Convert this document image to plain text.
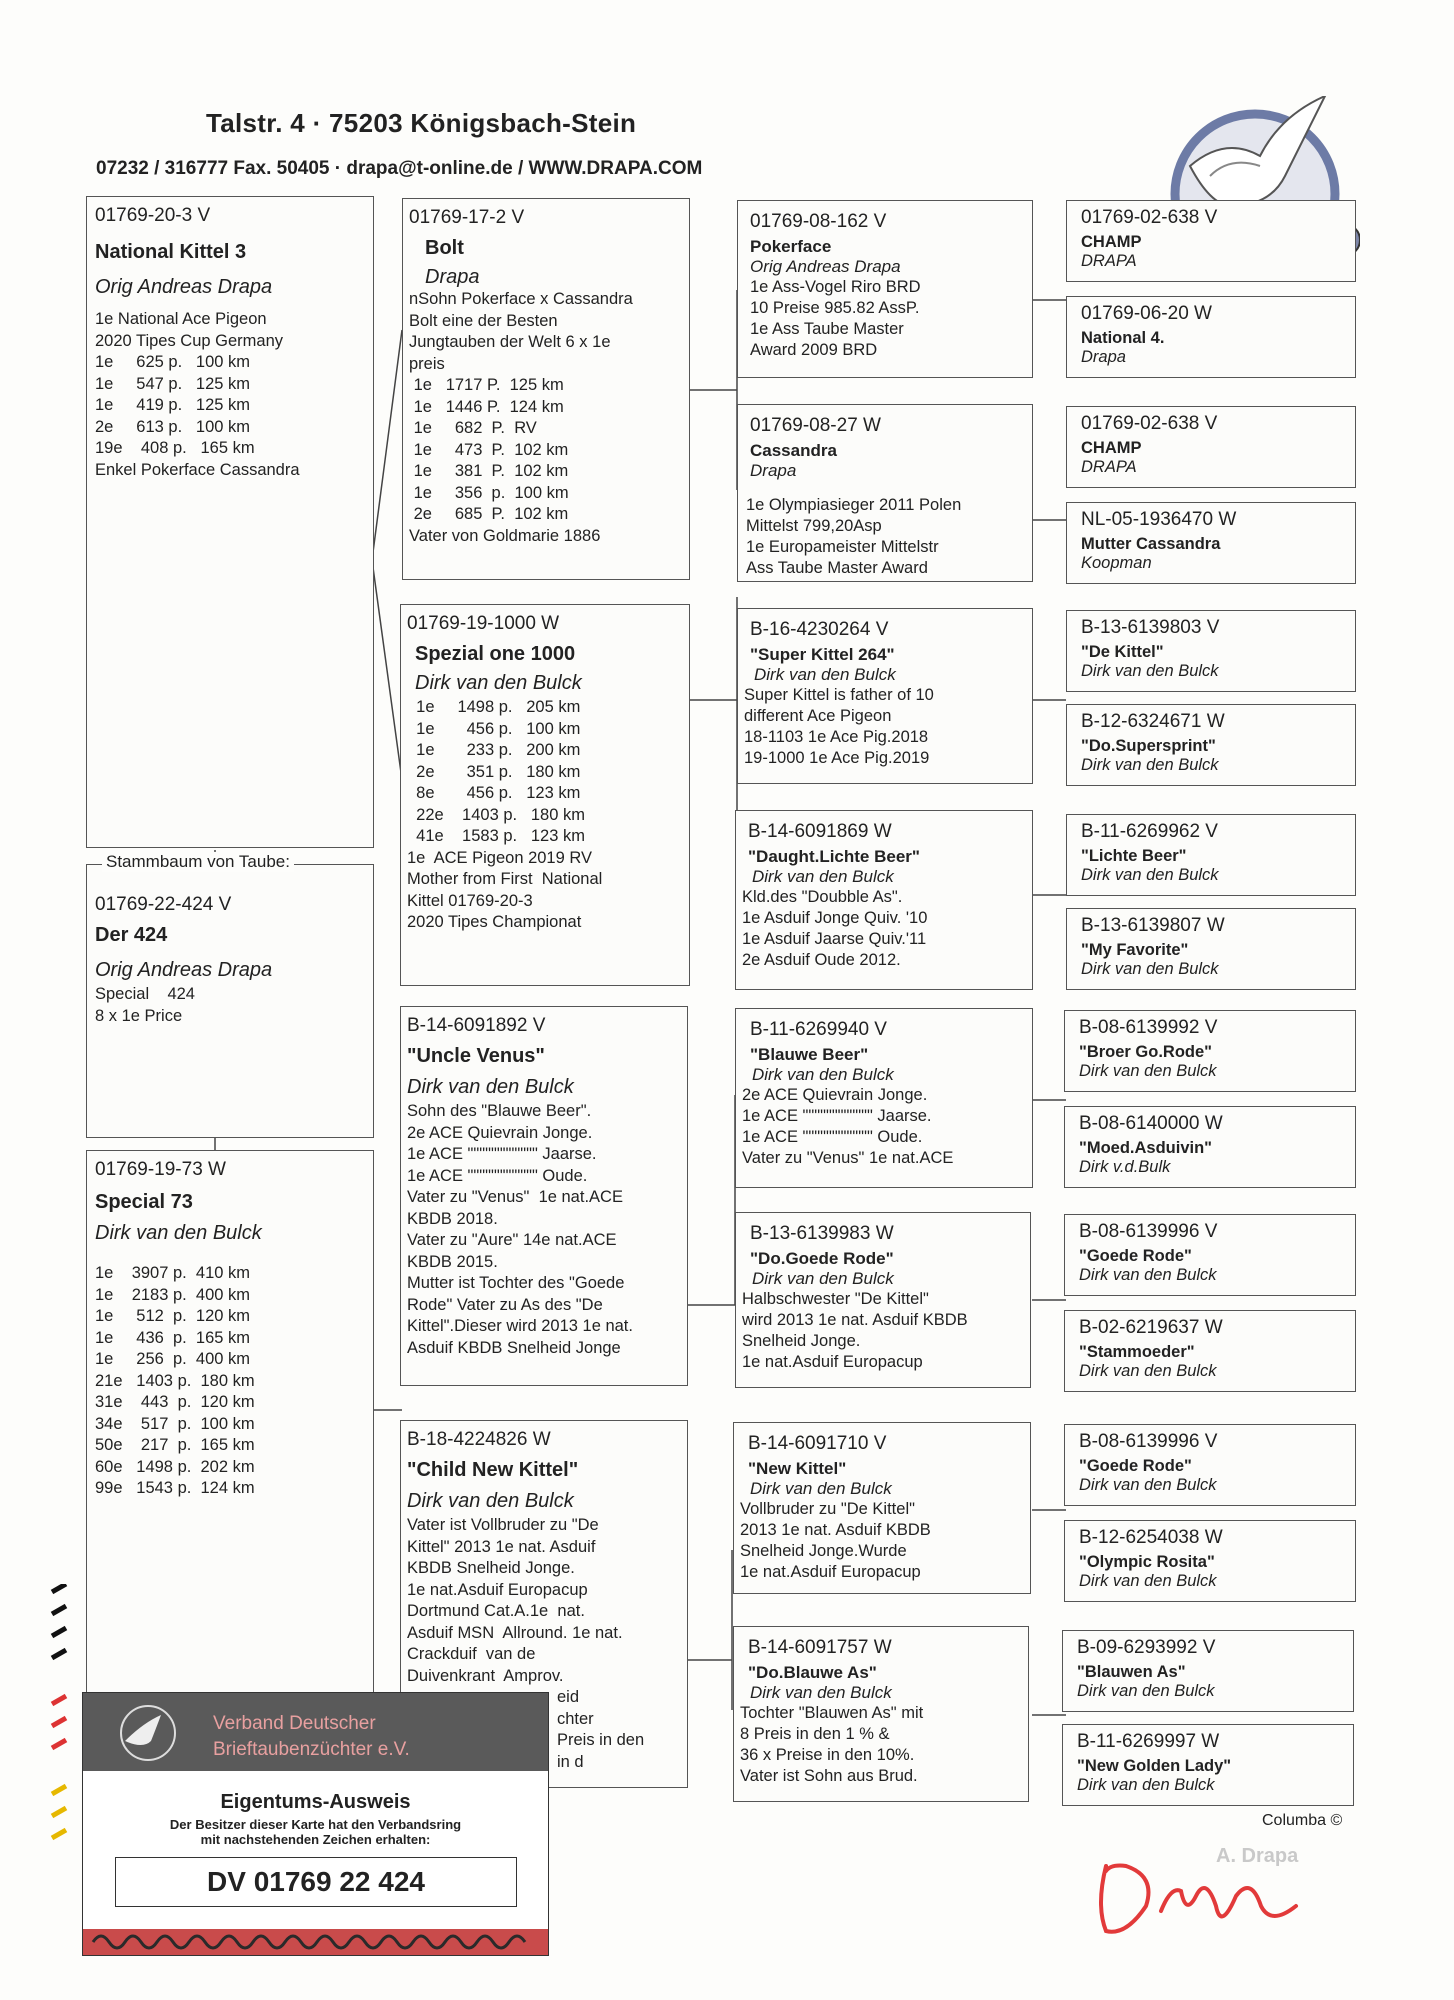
Talstr. 4 · 75203 Königsbach-Stein
07232 / 316777 Fax. 50405 · drapa@t-online.de / WWW.DRAPA.COM
01769-20-3 V
National Kittel 3
Orig Andreas Drapa
1e National Ace Pigeon
2020 Tipes Cup Germany
1e     625 p.   100 km
1e     547 p.   125 km
1e     419 p.   125 km
2e     613 p.   100 km
19e    408 p.   165 km
Enkel Pokerface Cassandra
01769-22-424 V
Der 424
Orig Andreas Drapa
Special    424
8 x 1e Price
Stammbaum von Taube:
01769-19-73 W
Special 73
Dirk van den Bulck
1e    3907 p.  410 km
1e    2183 p.  400 km
1e     512  p.  120 km
1e     436  p.  165 km
1e     256  p.  400 km
21e   1403 p.  180 km
31e    443  p.  120 km
34e    517  p.  100 km
50e    217  p.  165 km
60e   1498 p.  202 km
99e   1543 p.  124 km
01769-17-2 V
Bolt
Drapa
nSohn Pokerface x Cassandra
Bolt eine der Besten
Jungtauben der Welt 6 x 1e
preis
1e   1717 P.  125 km
1e   1446 P.  124 km
1e     682  P.  RV
1e     473  P.  102 km
1e     381  P.  102 km
1e     356  p.  100 km
2e     685  P.  102 km
Vater von Goldmarie 1886
01769-19-1000 W
Spezial one 1000
Dirk van den Bulck
1e     1498 p.   205 km
1e       456 p.   100 km
1e       233 p.   200 km
2e       351 p.   180 km
8e       456 p.   123 km
22e    1403 p.   180 km
41e    1583 p.   123 km
1e  ACE Pigeon 2019 RV
Mother from First  National
Kittel 01769-20-3
2020 Tipes Championat
B-14-6091892 V
"Uncle Venus"
Dirk van den Bulck
Sohn des "Blauwe Beer".
2e ACE Quievrain Jonge.
1e ACE """""""""""" Jaarse.
1e ACE """""""""""" Oude.
Vater zu "Venus"  1e nat.ACE
KBDB 2018.
Vater zu "Aure" 14e nat.ACE
KBDB 2015.
Mutter ist Tochter des "Goede
Rode" Vater zu As des "De
Kittel".Dieser wird 2013 1e nat.
Asduif KBDB Snelheid Jonge
B-18-4224826 W
"Child New Kittel"
Dirk van den Bulck
Vater ist Vollbruder zu "De
Kittel" 2013 1e nat. Asduif
KBDB Snelheid Jonge.
1e nat.Asduif Europacup
Dortmund Cat.A.1e  nat.
Asduif MSN  Allround. 1e nat.
Crackduif  van de
Duivenkrant  Amprov.
eid
chter
Preis in den
in d
01769-08-162 V
Pokerface
Orig Andreas Drapa
1e Ass-Vogel Riro BRD
10 Preise 985.82 AssP.
1e Ass Taube Master
Award 2009 BRD
01769-08-27 W
Cassandra
Drapa
1e Olympiasieger 2011 Polen
Mittelst 799,20Asp
1e Europameister Mittelstr
Ass Taube Master Award
B-16-4230264 V
"Super Kittel 264"
Dirk van den Bulck
Super Kittel is father of 10
different Ace Pigeon
18-1103 1e Ace Pig.2018
19-1000 1e Ace Pig.2019
B-14-6091869 W
"Daught.Lichte Beer"
Dirk van den Bulck
Kld.des "Doubble As".
1e Asduif Jonge Quiv. '10
1e Asduif Jaarse Quiv.'11
2e Asduif Oude 2012.
B-11-6269940 V
"Blauwe Beer"
Dirk van den Bulck
2e ACE Quievrain Jonge.
1e ACE """""""""""" Jaarse.
1e ACE """""""""""" Oude.
Vater zu "Venus" 1e nat.ACE
B-13-6139983 W
"Do.Goede Rode"
Dirk van den Bulck
Halbschwester "De Kittel"
wird 2013 1e nat. Asduif KBDB
Snelheid Jonge.
1e nat.Asduif Europacup
B-14-6091710 V
"New Kittel"
Dirk van den Bulck
Vollbruder zu "De Kittel"
2013 1e nat. Asduif KBDB
Snelheid Jonge.Wurde
1e nat.Asduif Europacup
B-14-6091757 W
"Do.Blauwe As"
Dirk van den Bulck
Tochter "Blauwen As" mit
8 Preis in den 1 % &
36 x Preise in den 10%.
Vater ist Sohn aus Brud.
01769-02-638 V
CHAMP
DRAPA
01769-06-20 W
National 4.
Drapa
01769-02-638 V
CHAMP
DRAPA
NL-05-1936470 W
Mutter Cassandra
Koopman
B-13-6139803 V
"De Kittel"
Dirk van den Bulck
B-12-6324671 W
"Do.Supersprint"
Dirk van den Bulck
B-11-6269962 V
"Lichte Beer"
Dirk van den Bulck
B-13-6139807 W
"My Favorite"
Dirk van den Bulck
B-08-6139992 V
"Broer Go.Rode"
Dirk van den Bulck
B-08-6140000 W
"Moed.Asduivin"
Dirk v.d.Bulk
B-08-6139996 V
"Goede Rode"
Dirk van den Bulck
B-02-6219637 W
"Stammoeder"
Dirk van den Bulck
B-08-6139996 V
"Goede Rode"
Dirk van den Bulck
B-12-6254038 W
"Olympic Rosita"
Dirk van den Bulck
B-09-6293992 V
"Blauwen As"
Dirk van den Bulck
B-11-6269997 W
"New Golden Lady"
Dirk van den Bulck
Columba ©
A. Drapa
Verband Deutscher
Brieftaubenzüchter e.V.
Eigentums-Ausweis
Der Besitzer dieser Karte hat den Verbandsring
mit nachstehenden Zeichen erhalten:
DV 01769 22 424
